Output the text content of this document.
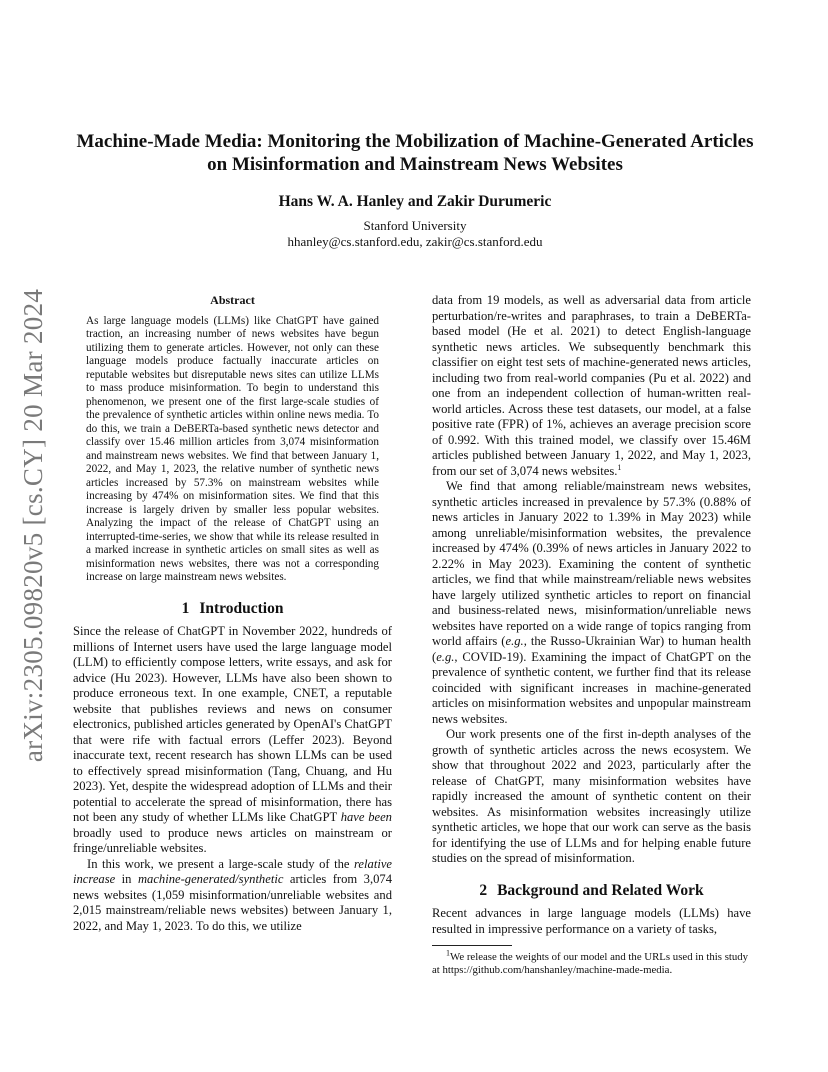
arXiv:2305.09820v5 [cs.CY] 20 Mar 2024
Machine-Made Media: Monitoring the Mobilization of Machine-Generated Articles on Misinformation and Mainstream News Websites
Hans W. A. Hanley and Zakir Durumeric
Stanford University
hhanley@cs.stanford.edu, zakir@cs.stanford.edu
Abstract

As large language models (LLMs) like ChatGPT have gained traction, an increasing number of news websites have begun utilizing them to generate articles. However, not only can these language models produce factually inaccurate articles on reputable websites but disreputable news sites can utilize LLMs to mass produce misinformation. To begin to understand this phenomenon, we present one of the first large-scale studies of the prevalence of synthetic articles within online news media. To do this, we train a DeBERTa-based synthetic news detector and classify over 15.46 million articles from 3,074 misinformation and mainstream news websites. We find that between January 1, 2022, and May 1, 2023, the relative number of synthetic news articles increased by 57.3% on mainstream websites while increasing by 474% on misinformation sites. We find that this increase is largely driven by smaller less popular websites. Analyzing the impact of the release of ChatGPT using an interrupted-time-series, we show that while its release resulted in a marked increase in synthetic articles on small sites as well as misinformation news websites, there was not a corresponding increase on large mainstream news websites.

1 Introduction

Since the release of ChatGPT in November 2022, hundreds of millions of Internet users have used the large language model (LLM) to efficiently compose letters, write essays, and ask for advice (Hu 2023). However, LLMs have also been shown to produce erroneous text. In one example, CNET, a reputable website that publishes reviews and news on consumer electronics, published articles generated by OpenAI's ChatGPT that were rife with factual errors (Leffer 2023). Beyond inaccurate text, recent research has shown LLMs can be used to effectively spread misinformation (Tang, Chuang, and Hu 2023). Yet, despite the widespread adoption of LLMs and their potential to accelerate the spread of misinformation, there has not been any study of whether LLMs like ChatGPT have been broadly used to produce news articles on mainstream or fringe/unreliable websites.

In this work, we present a large-scale study of the relative increase in machine-generated/synthetic articles from 3,074 news websites (1,059 misinformation/unreliable websites and 2,015 mainstream/reliable news websites) between January 1, 2022, and May 1, 2023. To do this, we utilize

data from 19 models, as well as adversarial data from article perturbation/re-writes and paraphrases, to train a DeBERTa-based model (He et al. 2021) to detect English-language synthetic news articles. We subsequently benchmark this classifier on eight test sets of machine-generated news articles, including two from real-world companies (Pu et al. 2022) and one from an independent collection of human-written real-world articles. Across these test datasets, our model, at a false positive rate (FPR) of 1%, achieves an average precision score of 0.992. With this trained model, we classify over 15.46M articles published between January 1, 2022, and May 1, 2023, from our set of 3,074 news websites.$^1$

We find that among reliable/mainstream news websites, synthetic articles increased in prevalence by 57.3% (0.88% of news articles in January 2022 to 1.39% in May 2023) while among unreliable/misinformation websites, the prevalence increased by 474% (0.39% of news articles in January 2022 to 2.22% in May 2023). Examining the content of synthetic articles, we find that while mainstream/reliable news websites have largely utilized synthetic articles to report on financial and business-related news, misinformation/unreliable news websites have reported on a wide range of topics ranging from world affairs (e.g., the Russo-Ukrainian War) to human health (e.g., COVID-19). Examining the impact of ChatGPT on the prevalence of synthetic content, we further find that its release coincided with significant increases in machine-generated articles on misinformation websites and unpopular mainstream news websites.

Our work presents one of the first in-depth analyses of the growth of synthetic articles across the news ecosystem. We show that throughout 2022 and 2023, particularly after the release of ChatGPT, many misinformation websites have rapidly increased the amount of synthetic content on their websites. As misinformation websites increasingly utilize synthetic articles, we hope that our work can serve as the basis for identifying the use of LLMs and for helping enable future studies on the spread of misinformation.

2 Background and Related Work

Recent advances in large language models (LLMs) have resulted in impressive performance on a variety of tasks,

$^1$We release the weights of our model and the URLs used in this study at https://github.com/hanshanley/machine-made-media.
